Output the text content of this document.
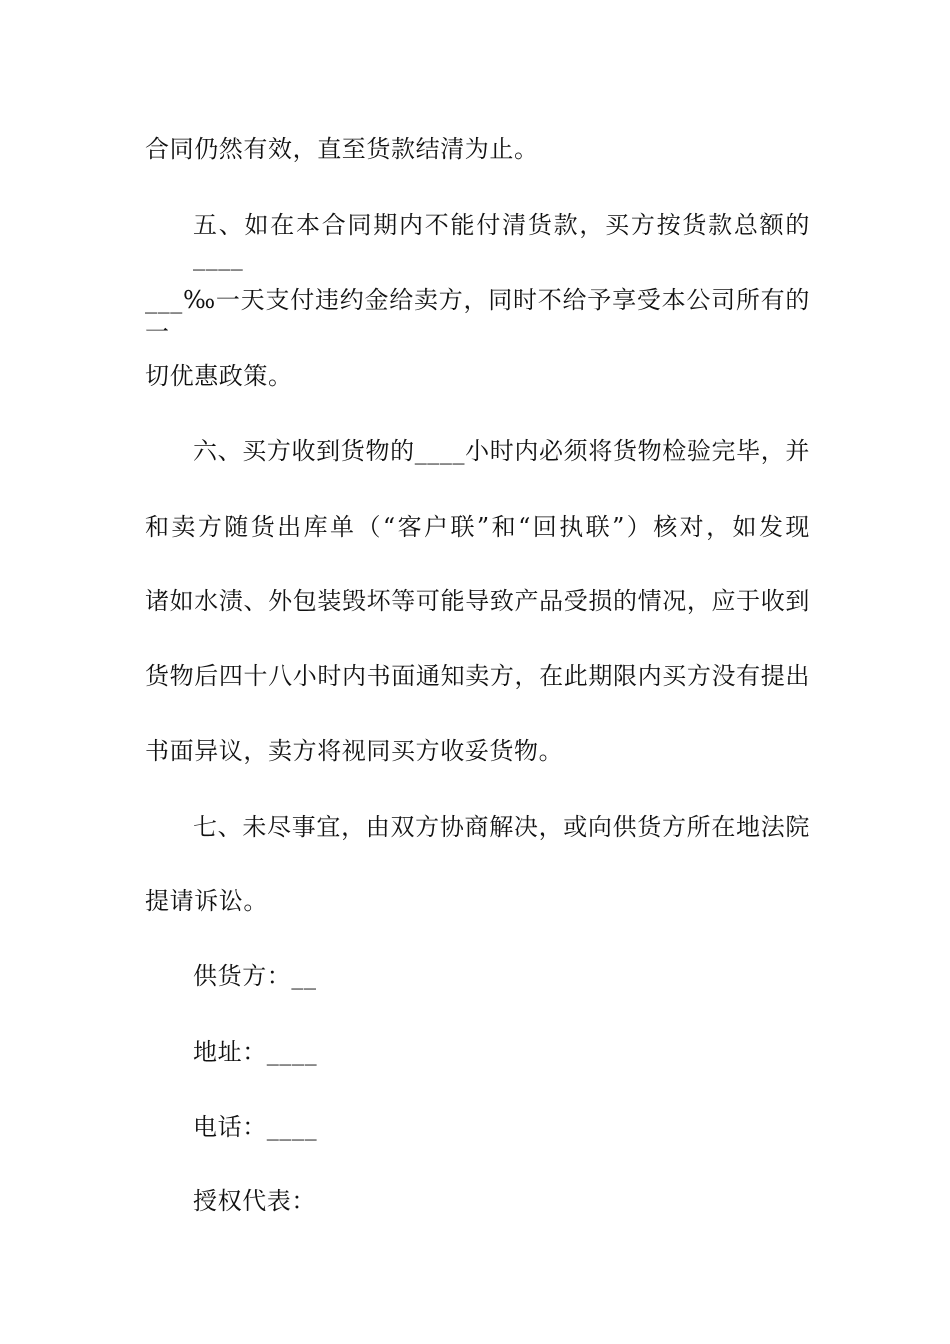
合同仍然有效，直至货款结清为止。
五、如在本合同期内不能付清货款，买方按货款总额的____
___‰一天支付违约金给卖方，同时不给予享受本公司所有的一
切优惠政策。
六、买方收到货物的____小时内必须将货物检验完毕，并
和卖方随货出库单（“客户联”和“回执联”）核对，如发现
诸如水渍、外包装毁坏等可能导致产品受损的情况，应于收到
货物后四十八小时内书面通知卖方，在此期限内买方没有提出
书面异议，卖方将视同买方收妥货物。
七、未尽事宜，由双方协商解决，或向供货方所在地法院
提请诉讼。
供货方：__
地址：____
电话：____
授权代表：
